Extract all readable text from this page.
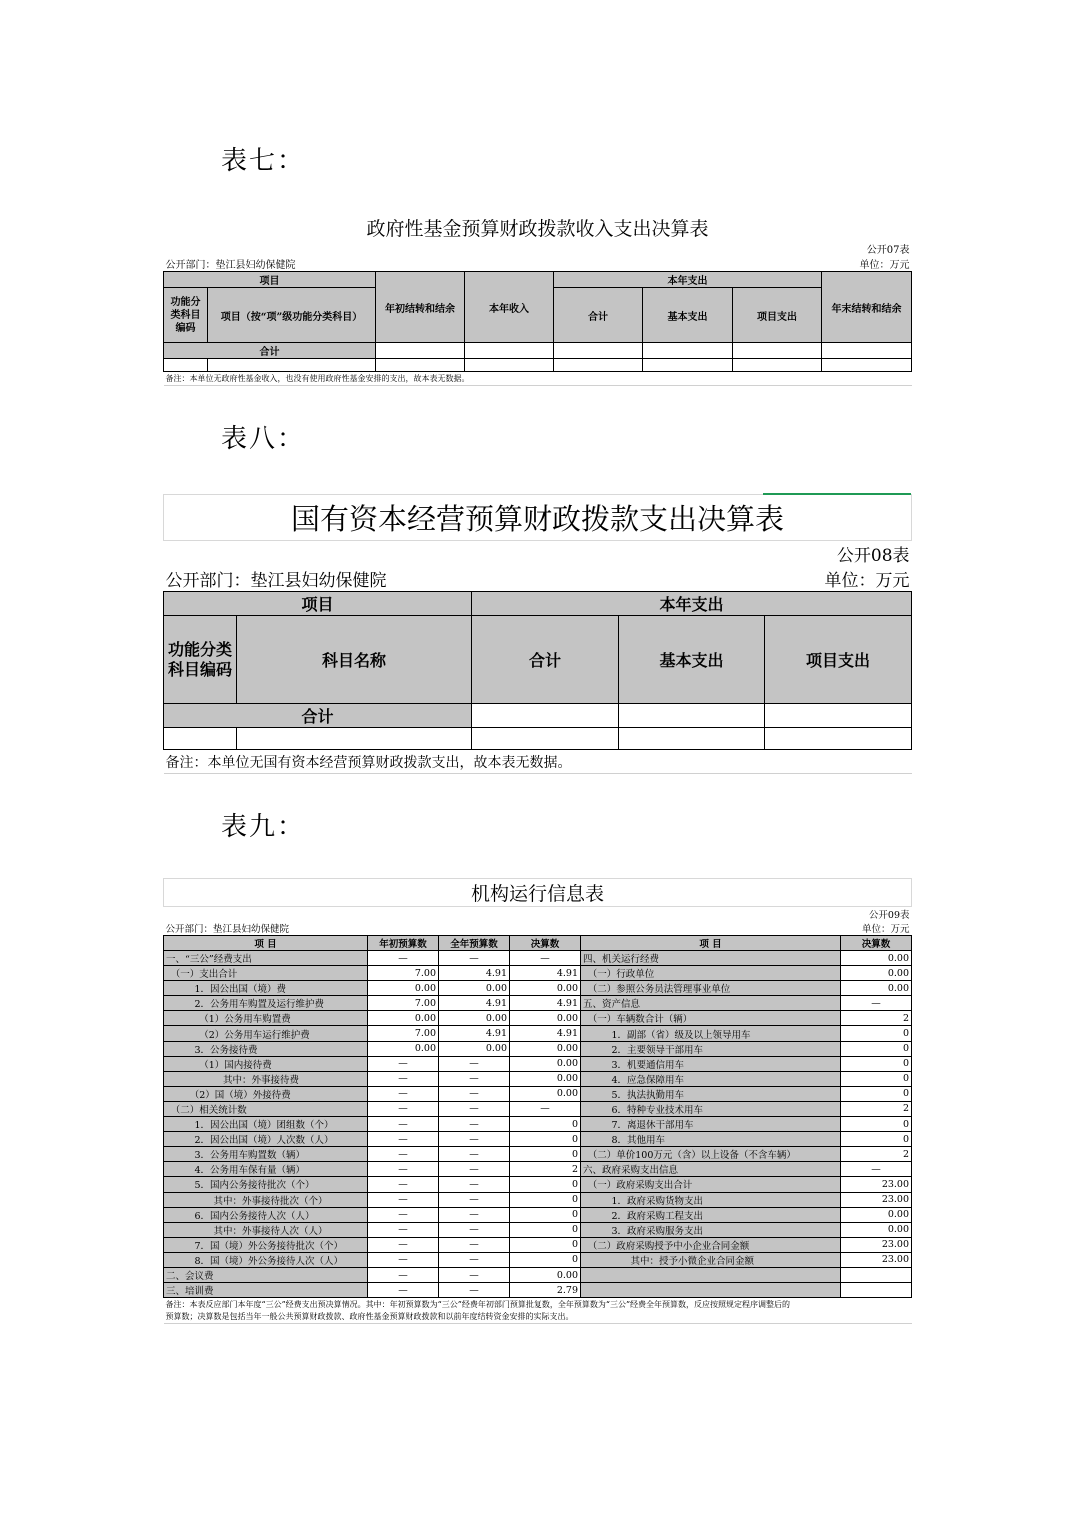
表七：
政府性基金预算财政拨款收入支出决算表							
							公开07表
公开部门：垫江县妇幼保健院							单位：万元
项目		年初结转和结余	本年收入	本年支出			年末结转和结余
功能分类科目编码	项目（按“项”级功能分类科目）			合计	基本支出	项目支出	
合计							

备注：本单位无政府性基金收入，也没有使用政府性基金安排的支出，故本表无数据。							
表八：
国有资本经营预算财政拨款支出决算表				
				公开08表
公开部门：垫江县妇幼保健院				单位：万元
项目		本年支出		
功能分类科目编码	科目名称	合计	基本支出	项目支出
合计				

备注：本单位无国有资本经营预算财政拨款支出，故本表无数据。				
表九：
机构运行信息表					
					公开09表
公开部门：垫江县妇幼保健院					单位：万元
项 目	年初预算数	全年预算数	决算数	项 目	决算数
一、“三公”经费支出	—	—	—	四、机关运行经费	0.00
　（一）支出合计	7.00	4.91	4.91	　（一）行政单位	0.00
　　　1．因公出国（境）费	0.00	0.00	0.00	　（二）参照公务员法管理事业单位	0.00
　　　2．公务用车购置及运行维护费	7.00	4.91	4.91	五、资产信息	—
　　　　（1）公务用车购置费	0.00	0.00	0.00	　（一）车辆数合计（辆）	2
　　　　（2）公务用车运行维护费	7.00	4.91	4.91	　　　1．副部（省）级及以上领导用车	0
　　　3．公务接待费	0.00	0.00	0.00	　　　2．主要领导干部用车	0
　　　　（1）国内接待费	—	—	0.00	　　　3．机要通信用车	0
　　　　　　其中：外事接待费	—	—	0.00	　　　4．应急保障用车	0
　　　（2）国（境）外接待费	—	—	0.00	　　　5．执法执勤用车	0
　（二）相关统计数	—	—	—	　　　6．特种专业技术用车	2
　　　1．因公出国（境）团组数（个）	—	—	0	　　　7．离退休干部用车	0
　　　2．因公出国（境）人次数（人）	—	—	0	　　　8．其他用车	0
　　　3．公务用车购置数（辆）	—	—	0	　（二）单价100万元（含）以上设备（不含车辆）	2
　　　4．公务用车保有量（辆）	—	—	2	六、政府采购支出信息	—
　　　5．国内公务接待批次（个）	—	—	0	　（一）政府采购支出合计	23.00
　　　　　其中：外事接待批次（个）	—	—	0	　　　1．政府采购货物支出	23.00
　　　6．国内公务接待人次（人）	—	—	0	　　　2．政府采购工程支出	0.00
　　　　　其中：外事接待人次（人）	—	—	0	　　　3．政府采购服务支出	0.00
　　　7．国（境）外公务接待批次（个）	—	—	0	　（二）政府采购授予中小企业合同金额	23.00
　　　8．国（境）外公务接待人次（人）	—	—	0	　　　　　其中：授予小微企业合同金额	23.00
二、会议费	—	—	0.00		
三、培训费	—	—	2.79		
备注：本表反应部门本年度“三公”经费支出预决算情况。其中：年初预算数为“三公”经费年初部门预算批复数，全年预算数为“三公”经费全年预算数，反应按照规定程序调整后的					
预算数；决算数是包括当年一般公共预算财政拨款、政府性基金预算财政拨款和以前年度结转资金安排的实际支出。					
